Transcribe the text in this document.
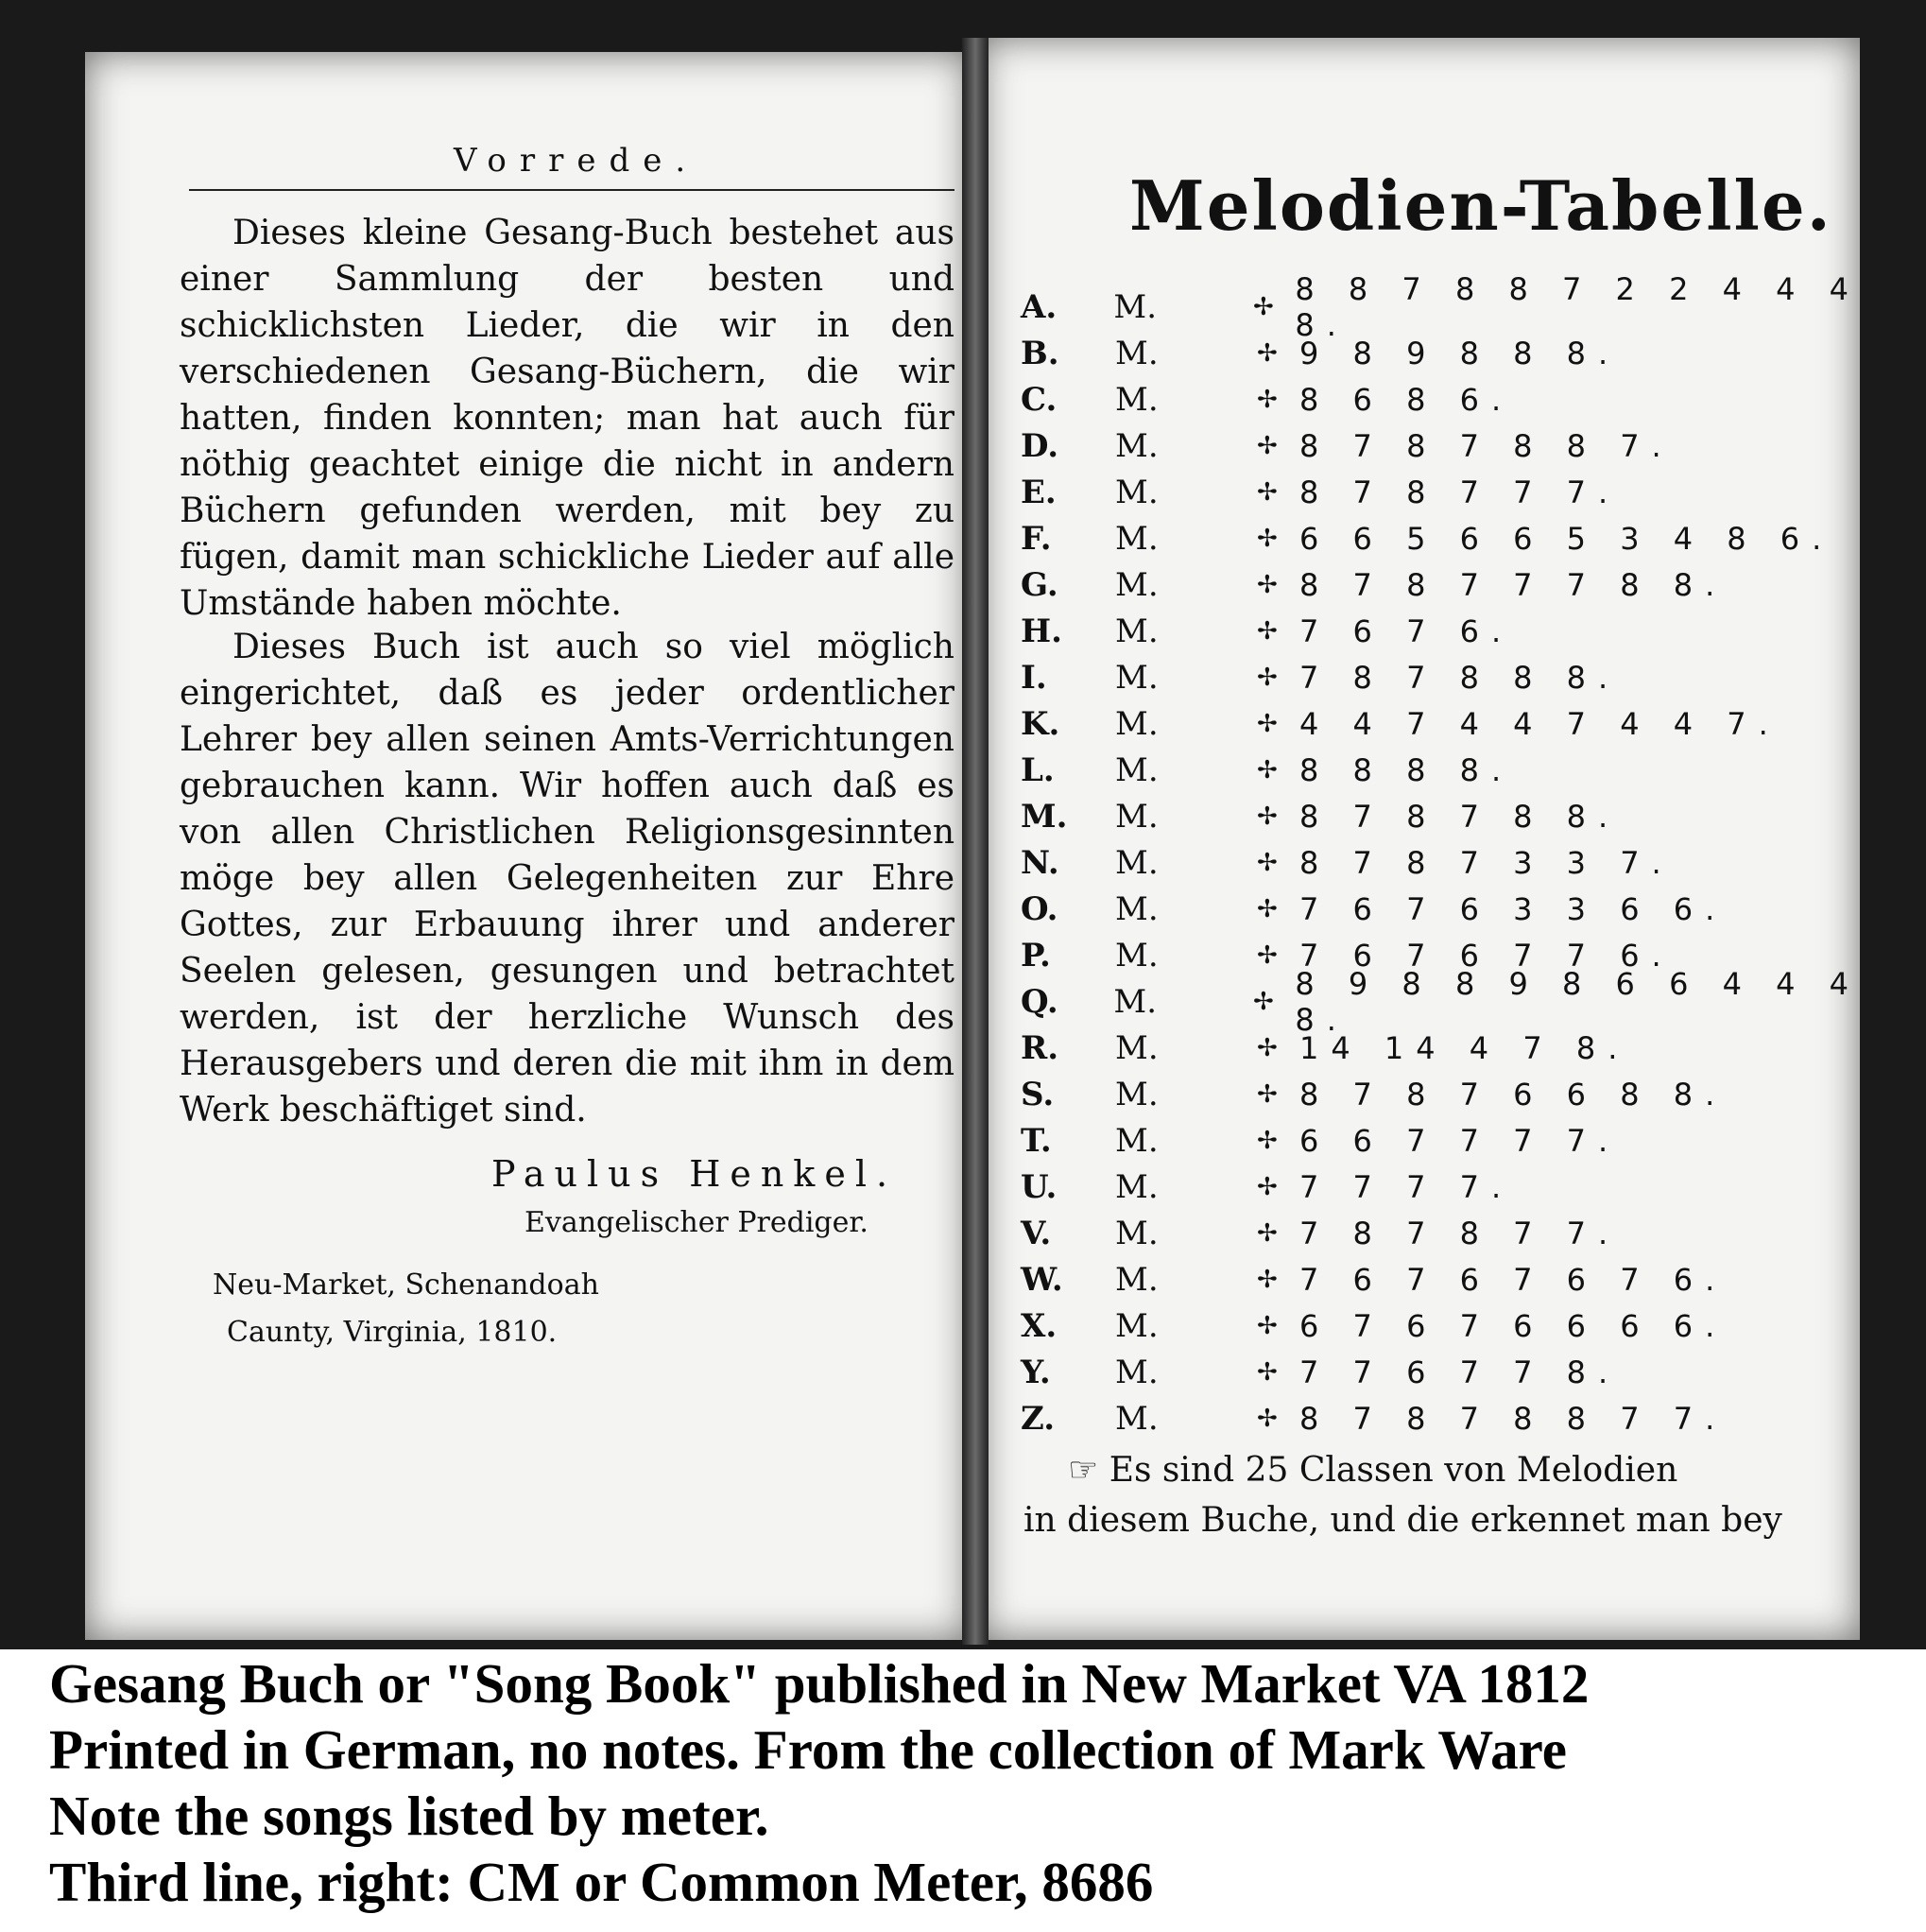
Vorrede.
Dieses kleine Gesang-Buch bestehet aus einer Sammlung der besten und schicklichsten Lieder, die wir in den verschiedenen Gesang-Büchern, die wir hatten, finden konnten; man hat auch für nöthig geachtet einige die nicht in andern Büchern gefunden werden, mit bey zu fügen, damit man schickliche Lieder auf alle Umstände haben möchte.
Dieses Buch ist auch so viel möglich eingerichtet, daß es jeder ordentlicher Lehrer bey allen seinen Amts-Verrichtungen gebrauchen kann. Wir hoffen auch daß es von allen Christlichen Religionsgesinnten möge bey allen Gelegenheiten zur Ehre Gottes, zur Erbauung ihrer und anderer Seelen gelesen, gesungen und betrachtet werden, ist der herzliche Wunsch des Herausgebers und deren die mit ihm in dem Werk beschäftiget sind.
Paulus Henkel.
Evangelischer Prediger.
Neu-Market, Schenandoah
Caunty, Virginia, 1810.
Melodien-Tabelle.
A.	M.	✢ 8 8 7 8 8 7 2 2 4 4 4 8.
B.	M.	✢ 9 8 9 8 8 8.
C.	M.	✢ 8 6 8 6.
D.	M.	✢ 8 7 8 7 8 8 7.
E.	M.	✢ 8 7 8 7 7 7.
F.	M.	✢ 6 6 5 6 6 5 3 4 8 6.
G.	M.	✢ 8 7 8 7 7 7 8 8.
H.	M.	✢ 7 6 7 6.
I.	M.	✢ 7 8 7 8 8 8.
K.	M.	✢ 4 4 7 4 4 7 4 4 7.
L.	M.	✢ 8 8 8 8.
M.	M.	✢ 8 7 8 7 8 8.
N.	M.	✢ 8 7 8 7 3 3 7.
O.	M.	✢ 7 6 7 6 3 3 6 6.
P.	M.	✢ 7 6 7 6 7 7 6.
Q.	M.	✢ 8 9 8 8 9 8 6 6 4 4 4 8.
R.	M.	✢ 14 14 4 7 8.
S.	M.	✢ 8 7 8 7 6 6 8 8.
T.	M.	✢ 6 6 7 7 7 7.
U.	M.	✢ 7 7 7 7.
V.	M.	✢ 7 8 7 8 7 7.
W.	M.	✢ 7 6 7 6 7 6 7 6.
X.	M.	✢ 6 7 6 7 6 6 6 6.
Y.	M.	✢ 7 7 6 7 7 8.
Z.	M.	✢ 8 7 8 7 8 8 7 7.
☞ Es sind 25 Classen von Melodien
in diesem Buche, und die erkennet man bey
Gesang Buch or "Song Book" published in New Market VA 1812
Printed in German, no notes. From the collection of Mark Ware
Note the songs listed by meter.
Third line, right: CM or Common Meter, 8686
